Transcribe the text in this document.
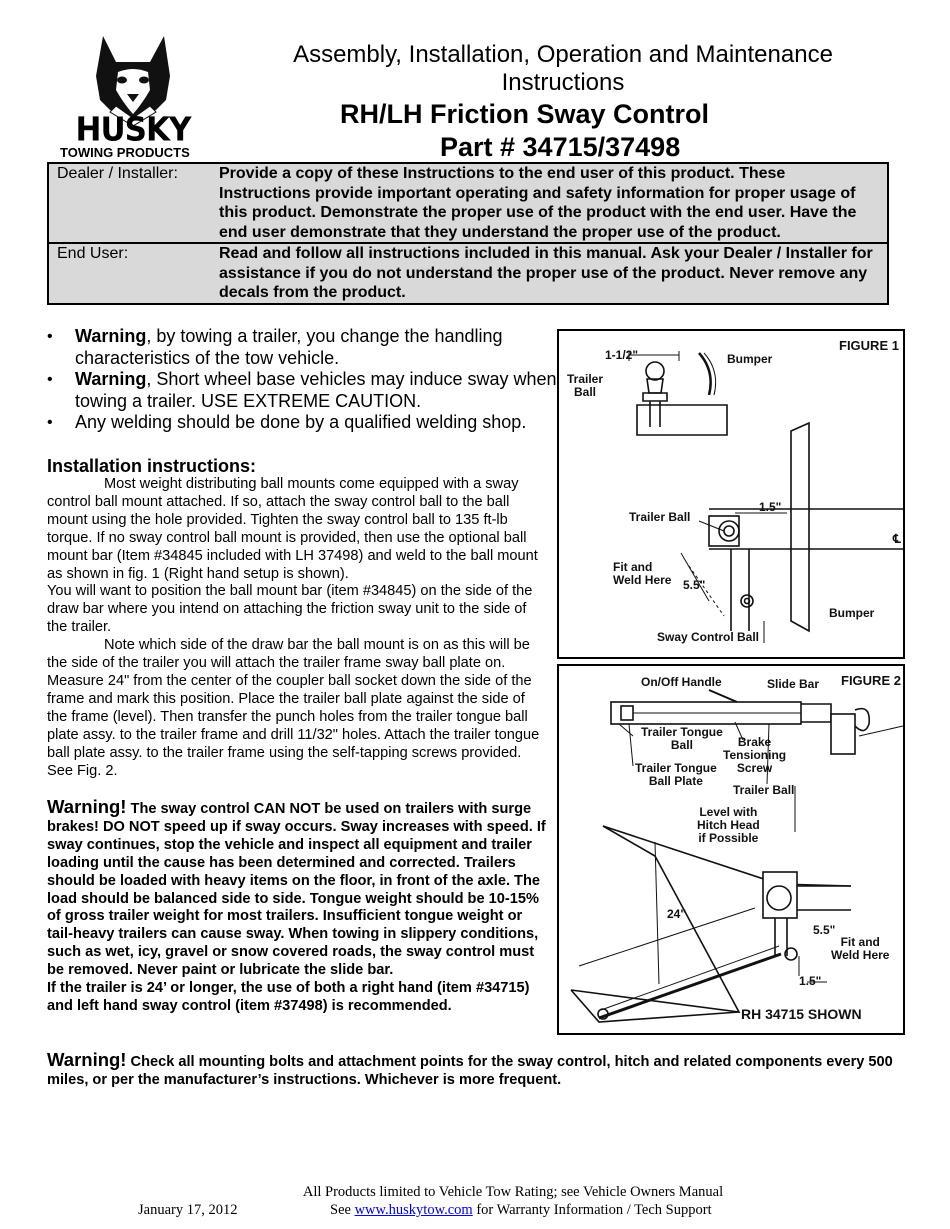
HUSKY
TOWING PRODUCTS
Assembly, Installation, Operation and Maintenance
Instructions
RH/LH Friction Sway Control
Part # 34715/37498
Dealer / Installer:	Provide a copy of these Instructions to the end user of this product. These Instructions provide important operating and safety information for proper usage of this product. Demonstrate the proper use of the product with the end user. Have the end user demonstrate that they understand the proper use of the product.
End User:	Read and follow all instructions included in this manual. Ask your Dealer / Installer for assistance if you do not understand the proper use of the product. Never remove any decals from the product.
•	Warning, by towing a trailer, you change the handling characteristics of the tow vehicle.
•	Warning, Short wheel base vehicles may induce sway when towing a trailer. USE EXTREME CAUTION.
•	Any welding should be done by a qualified welding shop.
Installation instructions:

Most weight distributing ball mounts come equipped with a sway control ball mount attached. If so, attach the sway control ball to the ball mount using the hole provided. Tighten the sway control ball to 135 ft-lb torque. If no sway control ball mount is provided, then use the optional ball mount bar (Item #34845 included with LH 37498) and weld to the ball mount as shown in fig. 1 (Right hand setup is shown).

You will want to position the ball mount bar (item #34845) on the side of the draw bar where you intend on attaching the friction sway unit to the side of the trailer.

Note which side of the draw bar the ball mount is on as this will be the side of the trailer you will attach the trailer frame sway ball plate on. Measure 24" from the center of the coupler ball socket down the side of the frame and mark this position. Place the trailer ball plate against the side of the frame (level). Then transfer the punch holes from the trailer tongue ball plate assy. to the trailer frame and drill 11/32" holes. Attach the trailer tongue ball plate assy. to the trailer frame using the self-tapping screws provided. See Fig. 2.

Warning! The sway control CAN NOT be used on trailers with surge brakes! DO NOT speed up if sway occurs. Sway increases with speed. If sway continues, stop the vehicle and inspect all equipment and trailer loading until the cause has been determined and corrected. Trailers should be loaded with heavy items on the floor, in front of the axle. The load should be balanced side to side. Tongue weight should be 10-15% of gross trailer weight for most trailers. Insufficient tongue weight or tail-heavy trailers can cause sway. When towing in slippery conditions, such as wet, icy, gravel or snow covered roads, the sway control must be removed. Never paint or lubricate the slide bar.
If the trailer is 24’ or longer, the use of both a right hand (item #34715) and left hand sway control (item #37498) is recommended.
Warning! Check all mounting bolts and attachment points for the sway control, hitch and related components every 500 miles, or per the manufacturer’s instructions. Whichever is more frequent.
FIGURE 1
1-1/2"	Bumper
Trailer
Ball
Trailer Ball
1.5"
℄
Fit and
Weld Here 5.5"
Bumper
Sway Control Ball
FIGURE 2
On/Off Handle	Slide Bar
Trailer Tongue
Ball	Brake
Tensioning
Screw
Trailer Tongue
Ball Plate
Trailer Ball
Level with
Hitch Head
if Possible
24"
5.5"
Fit and
Weld Here
1.5"
RH 34715 SHOWN
All Products limited to Vehicle Tow Rating; see Vehicle Owners Manual
January 17, 2012	See www.huskytow.com for Warranty Information / Tech Support
